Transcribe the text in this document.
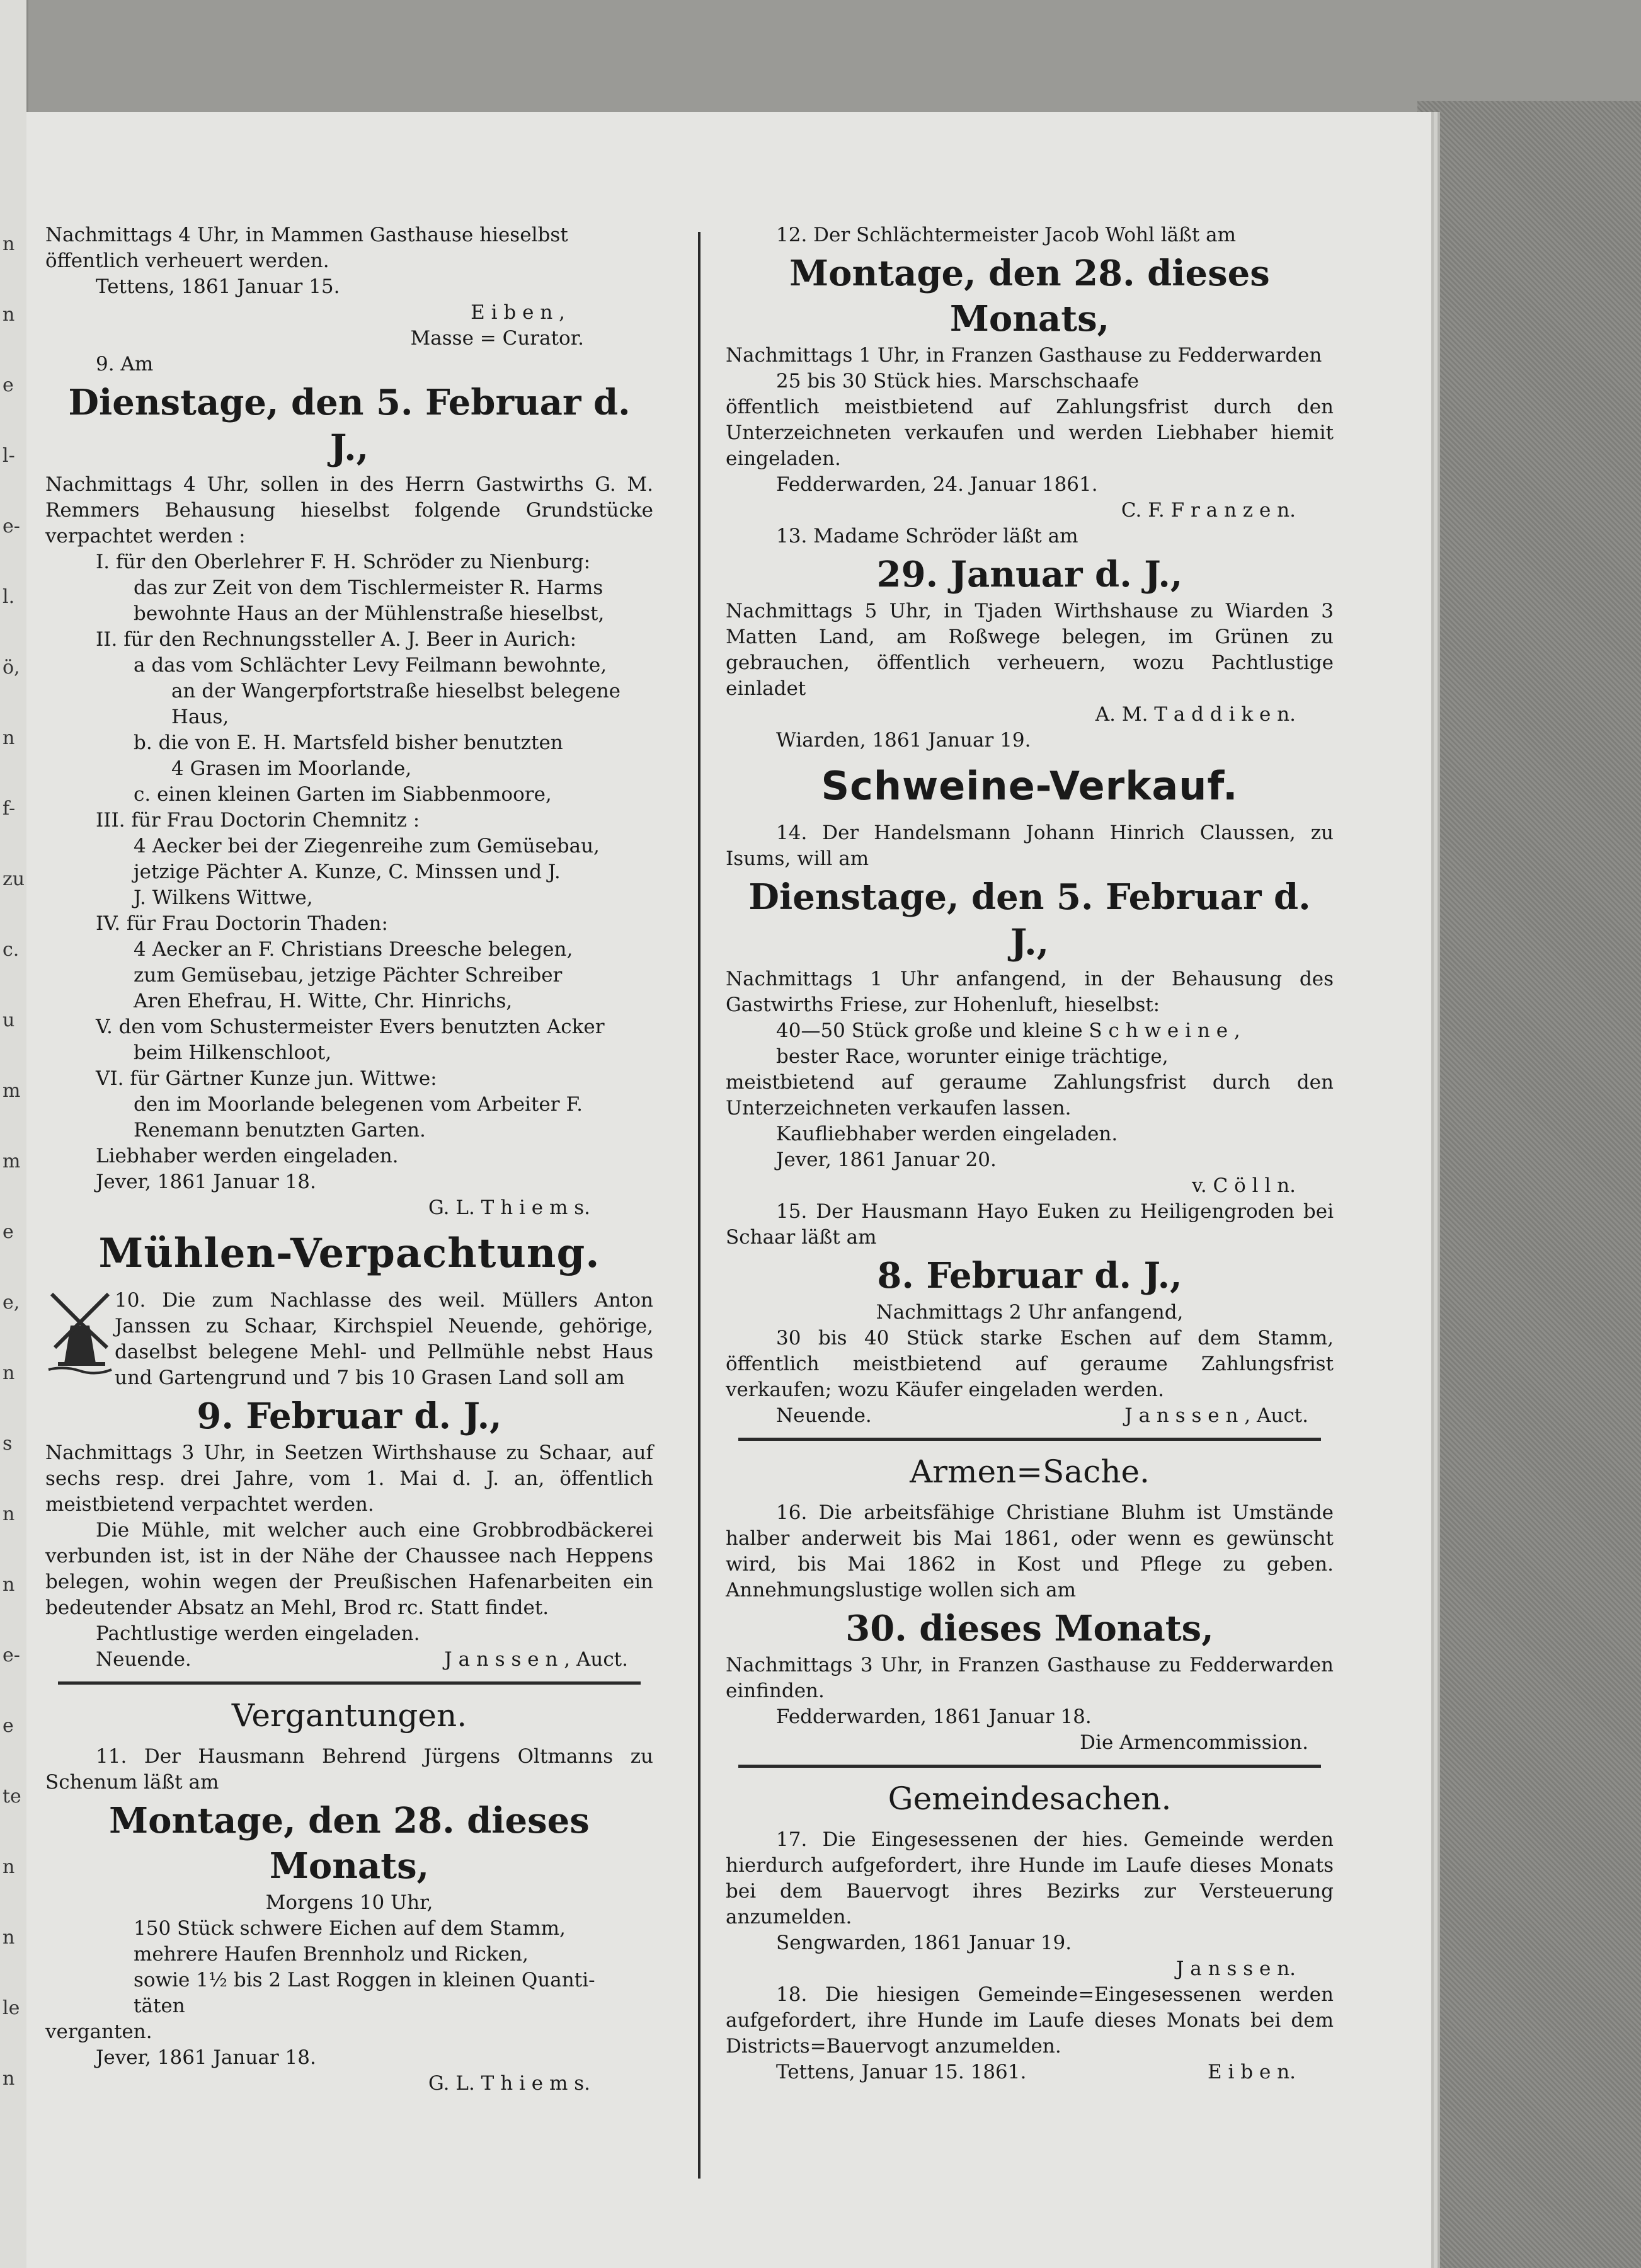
n
n
e
l-
e-
l.
ö,
n
f-
zu
c.
u
m
m
e
e,
n
s
n
n
e-
e
te
n
n
le
n

Nachmittags 4 Uhr, in Mammen Gasthause hieselbst

öffentlich verheuert werden.

Tettens, 1861 Januar 15.

E i b e n ,

Masse = Curator.

9. Am

Dienstage, den 5. Februar d. J.,

Nachmittags 4 Uhr, sollen in des Herrn Gastwirths G. M. Remmers Behausung hieselbst folgende Grundstücke verpachtet werden :

I. für den Oberlehrer F. H. Schröder zu Nienburg:

das zur Zeit von dem Tischlermeister R. Harms

bewohnte Haus an der Mühlenstraße hieselbst,

II. für den Rechnungssteller A. J. Beer in Aurich:

a das vom Schlächter Levy Feilmann bewohnte,

an der Wangerpfortstraße hieselbst belegene

Haus,

b. die von E. H. Martsfeld bisher benutzten

4 Grasen im Moorlande,

c. einen kleinen Garten im Siabbenmoore,

III. für Frau Doctorin Chemnitz :

4 Aecker bei der Ziegenreihe zum Gemüsebau,

jetzige Pächter A. Kunze, C. Minssen und J.

J. Wilkens Wittwe,

IV. für Frau Doctorin Thaden:

4 Aecker an F. Christians Dreesche belegen,

zum Gemüsebau, jetzige Pächter Schreiber

Aren Ehefrau, H. Witte, Chr. Hinrichs,

V. den vom Schustermeister Evers benutzten Acker

beim Hilkenschloot,

VI. für Gärtner Kunze jun. Wittwe:

den im Moorlande belegenen vom Arbeiter F.

Renemann benutzten Garten.

Liebhaber werden eingeladen.

Jever, 1861 Januar 18.

G. L. T h i e m s.

Mühlen-Verpachtung.

10. Die zum Nachlasse des weil. Müllers Anton Janssen zu Schaar, Kirchspiel Neuende, gehörige, daselbst belegene Mehl- und Pellmühle nebst Haus und Gartengrund und 7 bis 10 Grasen Land soll am

9. Februar d. J.,

Nachmittags 3 Uhr, in Seetzen Wirthshause zu Schaar, auf sechs resp. drei Jahre, vom 1. Mai d. J. an, öffentlich meistbietend verpachtet werden.

Die Mühle, mit welcher auch eine Grobbrodbäckerei verbunden ist, ist in der Nähe der Chaussee nach Heppens belegen, wohin wegen der Preußischen Hafenarbeiten ein bedeutender Absatz an Mehl, Brod rc. Statt findet.

Pachtlustige werden eingeladen.

Neuende.	J a n s s e n , Auct.

Vergantungen.

11. Der Hausmann Behrend Jürgens Oltmanns zu Schenum läßt am

Montage, den 28. dieses Monats,

Morgens 10 Uhr,

150 Stück schwere Eichen auf dem Stamm,

mehrere Haufen Brennholz und Ricken,

sowie 1½ bis 2 Last Roggen in kleinen Quanti-

täten

verganten.

Jever, 1861 Januar 18.

G. L. T h i e m s.

12. Der Schlächtermeister Jacob Wohl läßt am

Montage, den 28. dieses Monats,

Nachmittags 1 Uhr, in Franzen Gasthause zu Fedderwarden

25 bis 30 Stück hies. Marschschaafe

öffentlich meistbietend auf Zahlungsfrist durch den Unterzeichneten verkaufen und werden Liebhaber hiemit eingeladen.

Fedderwarden, 24. Januar 1861.

C. F. F r a n z e n.

13. Madame Schröder läßt am

29. Januar d. J.,

Nachmittags 5 Uhr, in Tjaden Wirthshause zu Wiarden 3 Matten Land, am Roßwege belegen, im Grünen zu gebrauchen, öffentlich verheuern, wozu Pachtlustige einladet

A. M. T a d d i k e n.

Wiarden, 1861 Januar 19.

Schweine-Verkauf.

14. Der Handelsmann Johann Hinrich Claussen, zu Isums, will am

Dienstage, den 5. Februar d. J.,

Nachmittags 1 Uhr anfangend, in der Behausung des Gastwirths Friese, zur Hohenluft, hieselbst:

40—50 Stück große und kleine S c h w e i n e ,

bester Race, worunter einige trächtige,

meistbietend auf geraume Zahlungsfrist durch den Unterzeichneten verkaufen lassen.

Kaufliebhaber werden eingeladen.

Jever, 1861 Januar 20.

v. C ö l l n.

15. Der Hausmann Hayo Euken zu Heiligengroden bei Schaar läßt am

8. Februar d. J.,

Nachmittags 2 Uhr anfangend,

30 bis 40 Stück starke Eschen auf dem Stamm, öffentlich meistbietend auf geraume Zahlungsfrist verkaufen; wozu Käufer eingeladen werden.

Neuende.	J a n s s e n , Auct.

Armen=Sache.

16. Die arbeitsfähige Christiane Bluhm ist Umstände halber anderweit bis Mai 1861, oder wenn es gewünscht wird, bis Mai 1862 in Kost und Pflege zu geben. Annehmungslustige wollen sich am

30. dieses Monats,

Nachmittags 3 Uhr, in Franzen Gasthause zu Fedderwarden einfinden.

Fedderwarden, 1861 Januar 18.

Die Armencommission.

Gemeindesachen.

17. Die Eingesessenen der hies. Gemeinde werden hierdurch aufgefordert, ihre Hunde im Laufe dieses Monats bei dem Bauervogt ihres Bezirks zur Versteuerung anzumelden.

Sengwarden, 1861 Januar 19.

J a n s s e n.

18. Die hiesigen Gemeinde=Eingesessenen werden aufgefordert, ihre Hunde im Laufe dieses Monats bei dem Districts=Bauervogt anzumelden.

Tettens, Januar 15. 1861.	E i b e n.
